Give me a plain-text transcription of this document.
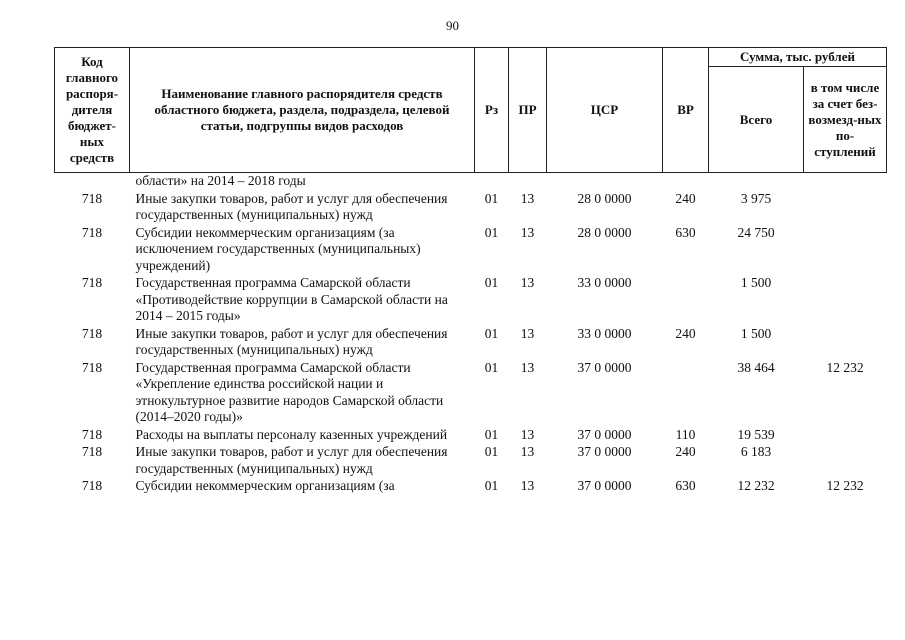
90
Код главного распоря-дителя бюджет-ных средств	Наименование главного распорядителя средств областного бюджета, раздела, подраздела, целевой статьи, подгруппы видов расходов	Рз	ПР	ЦСР	ВР	Сумма, тыс. рублей	
						Всего	в том числе за счет без-возмезд-ных по-ступлений
	области» на 2014 – 2018 годы						
718	Иные закупки товаров, работ и услуг для обеспечения государственных (муниципальных) нужд	01	13	28 0 0000	240	3 975	
718	Субсидии некоммерческим организациям (за исключением государственных (муниципальных) учреждений)	01	13	28 0 0000	630	24 750	
718	Государственная программа Самарской области «Противодействие коррупции в Самарской области на 2014 – 2015 годы»	01	13	33 0 0000		1 500	
718	Иные закупки товаров, работ и услуг для обеспечения государственных (муниципальных) нужд	01	13	33 0 0000	240	1 500	
718	Государственная программа Самарской области «Укрепление единства российской нации и этнокультурное развитие народов Самарской области (2014–2020 годы)»	01	13	37 0 0000		38 464	12 232
718	Расходы на выплаты персоналу казенных учреждений	01	13	37 0 0000	110	19 539	
718	Иные закупки товаров, работ и услуг для обеспечения государственных (муниципальных) нужд	01	13	37 0 0000	240	6 183	
718	Субсидии некоммерческим организациям (за	01	13	37 0 0000	630	12 232	12 232
